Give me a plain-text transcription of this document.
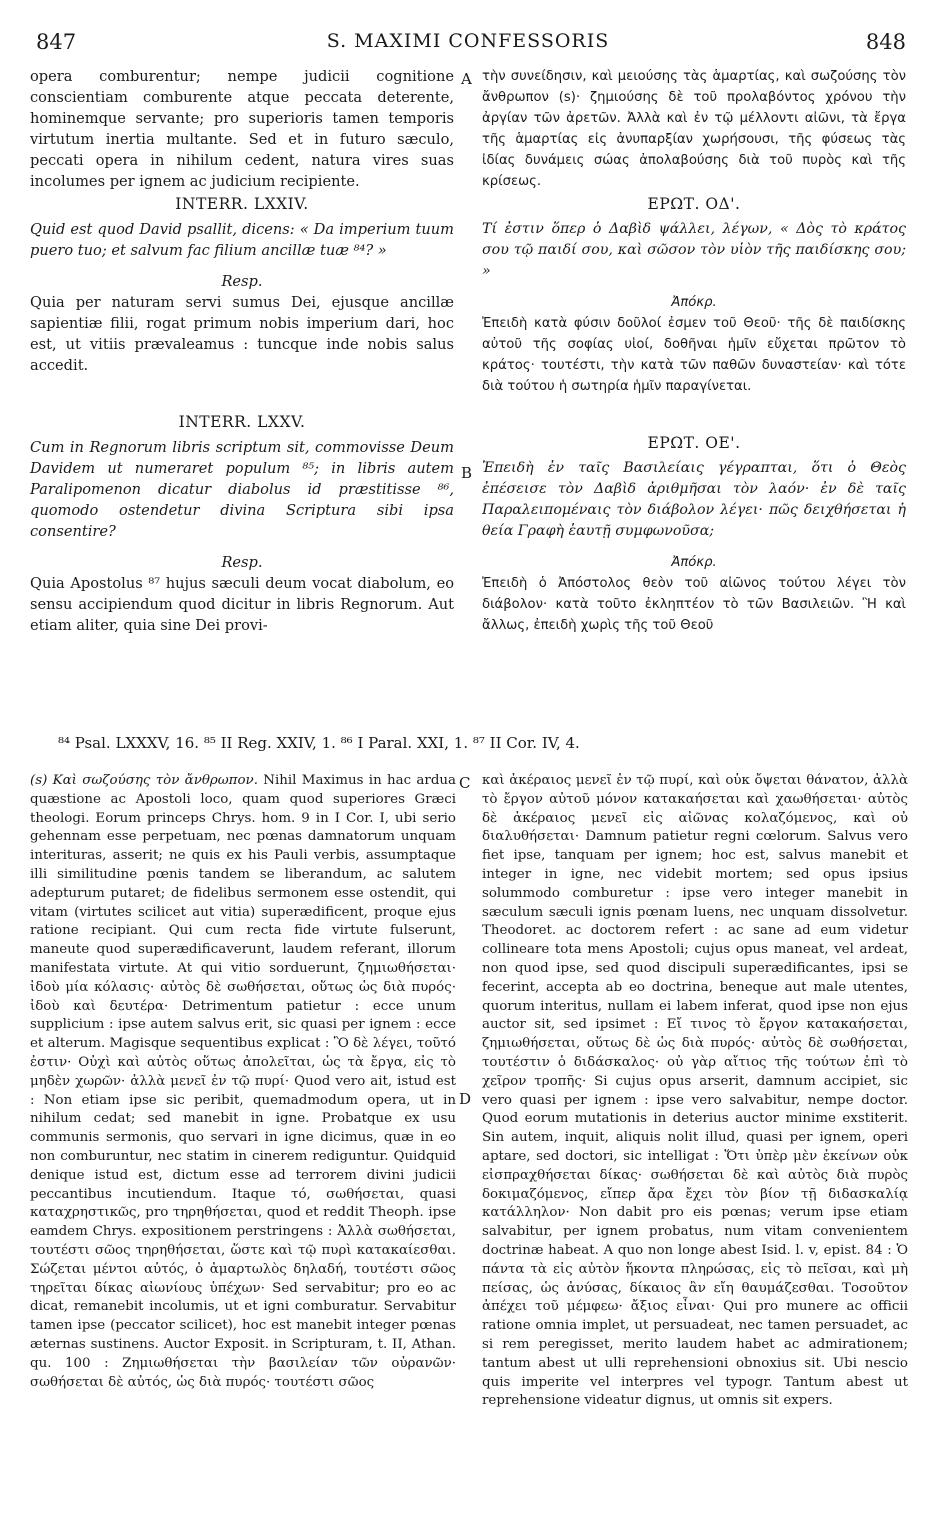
847	S. MAXIMI CONFESSORIS	848

opera comburentur; nempe judicii cognitione conscientiam comburente atque peccata deterente, hominemque servante; pro superioris tamen temporis virtutum inertia multante. Sed et in futuro sæculo, peccati opera in nihilum cedent, natura vires suas incolumes per ignem ac judicium recipiente.

INTERR. LXXIV.

Quid est quod David psallit, dicens: « Da imperium tuum puero tuo; et salvum fac filium ancillæ tuæ ⁸⁴? »

Resp.

Quia per naturam servi sumus Dei, ejusque ancillæ sapientiæ filii, rogat primum nobis imperium dari, hoc est, ut vitiis prævaleamus : tuncque inde nobis salus accedit.

INTERR. LXXV.

Cum in Regnorum libris scriptum sit, commovisse Deum Davidem ut numeraret populum ⁸⁵; in libris autem Paralipomenon dicatur diabolus id præstitisse ⁸⁶, quomodo ostendetur divina Scriptura sibi ipsa consentire?

Resp.

Quia Apostolus ⁸⁷ hujus sæculi deum vocat diabolum, eo sensu accipiendum quod dicitur in libris Regnorum. Aut etiam aliter, quia sine Dei provi-

τὴν συνείδησιν, καὶ μειούσης τὰς ἁμαρτίας, καὶ σωζούσης τὸν ἄνθρωπον (s)· ζημιούσης δὲ τοῦ προλαβόντος χρόνου τὴν ἀργίαν τῶν ἀρετῶν. Ἀλλὰ καὶ ἐν τῷ μέλλοντι αἰῶνι, τὰ ἔργα τῆς ἁμαρτίας εἰς ἀνυπαρξίαν χωρήσουσι, τῆς φύσεως τὰς ἰδίας δυνάμεις σώας ἀπολαβούσης διὰ τοῦ πυρὸς καὶ τῆς κρίσεως.

ΕΡΩΤ. ΟΔ'.

Τί ἐστιν ὅπερ ὁ Δαβὶδ ψάλλει, λέγων, « Δὸς τὸ κράτος σου τῷ παιδί σου, καὶ σῶσον τὸν υἱὸν τῆς παιδίσκης σου; »

Ἀπόκρ.

Ἐπειδὴ κατὰ φύσιν δοῦλοί ἐσμεν τοῦ Θεοῦ· τῆς δὲ παιδίσκης αὐτοῦ τῆς σοφίας υἱοί, δοθῆναι ἡμῖν εὔχεται πρῶτον τὸ κράτος· τουτέστι, τὴν κατὰ τῶν παθῶν δυναστείαν· καὶ τότε διὰ τούτου ἡ σωτηρία ἡμῖν παραγίνεται.

ΕΡΩΤ. ΟΕ'.

Ἐπειδὴ ἐν ταῖς Βασιλείαις γέγραπται, ὅτι ὁ Θεὸς ἐπέσεισε τὸν Δαβὶδ ἀριθμῆσαι τὸν λαόν· ἐν δὲ ταῖς Παραλειπομέναις τὸν διάβολον λέγει· πῶς δειχθήσεται ἡ θεία Γραφὴ ἑαυτῇ συμφωνοῦσα;

Ἀπόκρ.

Ἐπειδὴ ὁ Ἀπόστολος θεὸν τοῦ αἰῶνος τούτου λέγει τὸν διάβολον· κατὰ τοῦτο ἐκληπτέον τὸ τῶν Βασιλειῶν. Ἢ καὶ ἄλλως, ἐπειδὴ χωρὶς τῆς τοῦ Θεοῦ

A
B
⁸⁴ Psal. LXXXV, 16. ⁸⁵ II Reg. XXIV, 1. ⁸⁶ I Paral. XXI, 1. ⁸⁷ II Cor. IV, 4.

(s) Καὶ σωζούσης τὸν ἄνθρωπον. Nihil Maximus in hac ardua quæstione ac Apostoli loco, quam quod superiores Græci theologi. Eorum princeps Chrys. hom. 9 in I Cor. I, ubi serio gehennam esse perpetuam, nec pœnas damnatorum unquam interituras, asserit; ne quis ex his Pauli verbis, assumptaque illi similitudine pœnis tandem se liberandum, ac salutem adepturum putaret; de fidelibus sermonem esse ostendit, qui vitam (virtutes scilicet aut vitia) superædificent, proque ejus ratione recipiant. Qui cum recta fide virtute fulserunt, maneute quod superædificaverunt, laudem referant, illorum manifestata virtute. At qui vitio sorduerunt, ζημιωθήσεται· ἰδοὺ μία κόλασις· αὐτὸς δὲ σωθήσεται, οὕτως ὡς διὰ πυρός· ἰδοὺ καὶ δευτέρα· Detrimentum patietur : ecce unum supplicium : ipse autem salvus erit, sic quasi per ignem : ecce et alterum. Magisque sequentibus explicat : Ὃ δὲ λέγει, τοῦτό ἐστιν· Οὐχὶ καὶ αὐτὸς οὕτως ἀπολεῖται, ὡς τὰ ἔργα, εἰς τὸ μηδὲν χωρῶν· ἀλλὰ μενεῖ ἐν τῷ πυρί· Quod vero ait, istud est : Non etiam ipse sic peribit, quemadmodum opera, ut in nihilum cedat; sed manebit in igne. Probatque ex usu communis sermonis, quo servari in igne dicimus, quæ in eo non comburuntur, nec statim in cinerem rediguntur. Quidquid denique istud est, dictum esse ad terrorem divini judicii peccantibus incutiendum. Itaque τό, σωθήσεται, quasi καταχρηστικῶς, pro τηρηθήσεται, quod et reddit Theoph. ipse eamdem Chrys. expositionem perstringens : Ἀλλὰ σωθήσεται, τουτέστι σῶος τηρηθήσεται, ὥστε καὶ τῷ πυρὶ κατακαίεσθαι. Σώζεται μέντοι αὐτός, ὁ ἁμαρτωλὸς δηλαδή, τουτέστι σῶος τηρεῖται δίκας αἰωνίους ὑπέχων· Sed servabitur; pro eo ac dicat, remanebit incolumis, ut et igni comburatur. Servabitur tamen ipse (peccator scilicet), hoc est manebit integer pœnas æternas sustinens. Auctor Exposit. in Scripturam, t. II, Athan. qu. 100 : Ζημιωθήσεται τὴν βασιλείαν τῶν οὐρανῶν· σωθήσεται δὲ αὐτός, ὡς διὰ πυρός· τουτέστι σῶος

καὶ ἀκέραιος μενεῖ ἐν τῷ πυρί, καὶ οὐκ ὄψεται θάνατον, ἀλλὰ τὸ ἔργον αὐτοῦ μόνον κατακαήσεται καὶ χαωθήσεται· αὐτὸς δὲ ἀκέραιος μενεῖ εἰς αἰῶνας κολαζόμενος, καὶ οὐ διαλυθήσεται· Damnum patietur regni cœlorum. Salvus vero fiet ipse, tanquam per ignem; hoc est, salvus manebit et integer in igne, nec videbit mortem; sed opus ipsius solummodo comburetur : ipse vero integer manebit in sæculum sæculi ignis pœnam luens, nec unquam dissolvetur. Theodoret. ac doctorem refert : ac sane ad eum videtur collineare tota mens Apostoli; cujus opus maneat, vel ardeat, non quod ipse, sed quod discipuli superædificantes, ipsi se fecerint, accepta ab eo doctrina, beneque aut male utentes, quorum interitus, nullam ei labem inferat, quod ipse non ejus auctor sit, sed ipsimet : Εἴ τινος τὸ ἔργον κατακαήσεται, ζημιωθήσεται, οὕτως δὲ ὡς διὰ πυρός· αὐτὸς δὲ σωθήσεται, τουτέστιν ὁ διδάσκαλος· οὐ γὰρ αἴτιος τῆς τούτων ἐπὶ τὸ χεῖρον τροπῆς· Si cujus opus arserit, damnum accipiet, sic vero quasi per ignem : ipse vero salvabitur, nempe doctor. Quod eorum mutationis in deterius auctor minime exstiterit. Sin autem, inquit, aliquis nolit illud, quasi per ignem, operi aptare, sed doctori, sic intelligat : Ὅτι ὑπὲρ μὲν ἐκείνων οὐκ εἰσπραχθήσεται δίκας· σωθήσεται δὲ καὶ αὐτὸς διὰ πυρὸς δοκιμαζόμενος, εἴπερ ἄρα ἔχει τὸν βίον τῇ διδασκαλίᾳ κατάλληλον· Non dabit pro eis pœnas; verum ipse etiam salvabitur, per ignem probatus, num vitam convenientem doctrinæ habeat. A quo non longe abest Isid. l. v, epist. 84 : Ὁ πάντα τὰ εἰς αὐτὸν ἥκοντα πληρώσας, εἰς τὸ πεῖσαι, καὶ μὴ πείσας, ὡς ἀνύσας, δίκαιος ἂν εἴη θαυμάζεσθαι. Τοσοῦτον ἀπέχει τοῦ μέμφεω· ἄξιος εἶναι· Qui pro munere ac officii ratione omnia implet, ut persuadeat, nec tamen persuadet, ac si rem peregisset, merito laudem habet ac admirationem; tantum abest ut ulli reprehensioni obnoxius sit. Ubi nescio quis imperite vel interpres vel typogr. Tantum abest ut reprehensione videatur dignus, ut omnis sit expers.

C
D
